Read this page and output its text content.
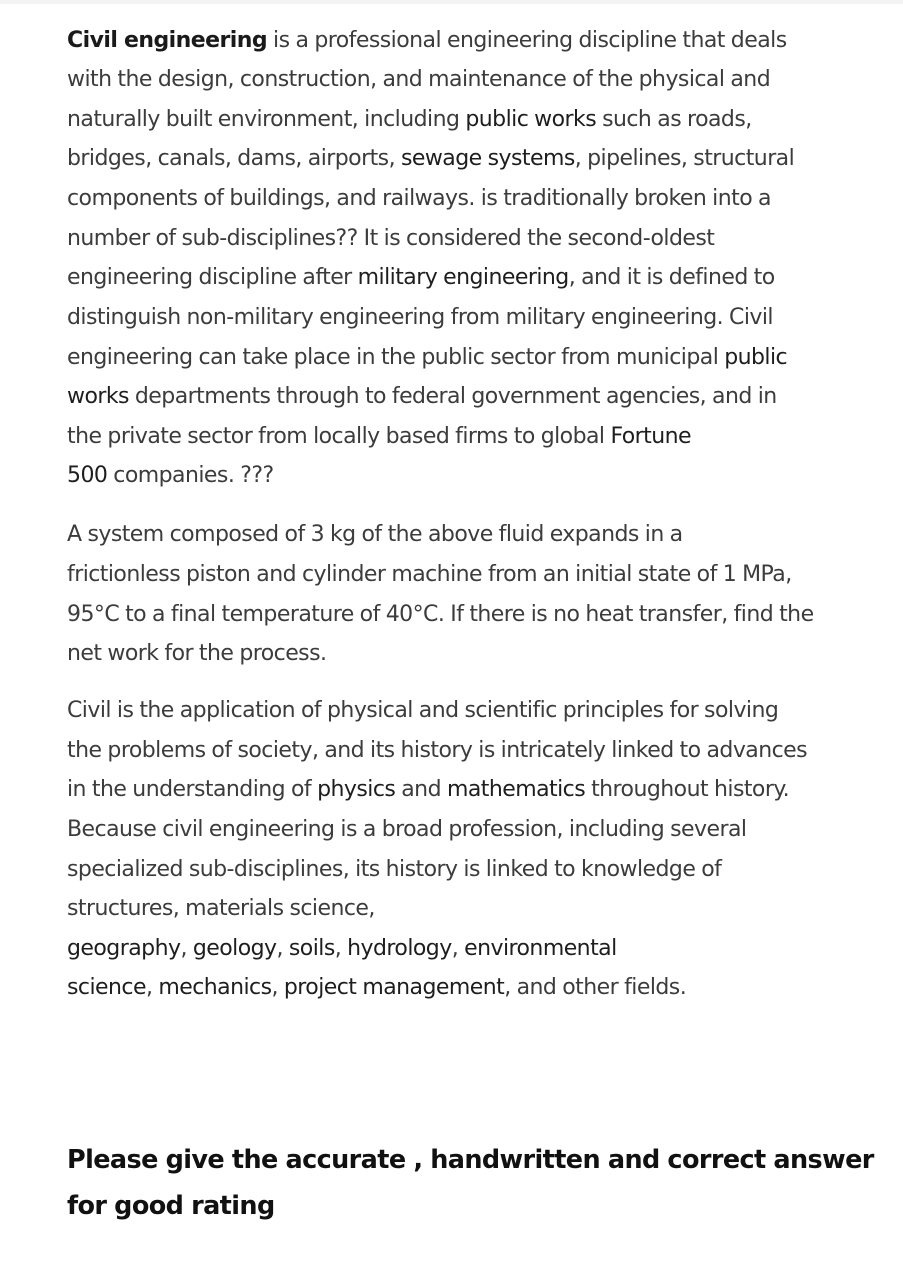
Civil engineering is a professional engineering discipline that deals
with the design, construction, and maintenance of the physical and
naturally built environment, including public works such as roads,
bridges, canals, dams, airports, sewage systems, pipelines, structural
components of buildings, and railways. is traditionally broken into a
number of sub-disciplines?? It is considered the second-oldest
engineering discipline after military engineering, and it is defined to
distinguish non-military engineering from military engineering. Civil
engineering can take place in the public sector from municipal public
works departments through to federal government agencies, and in
the private sector from locally based firms to global Fortune
500 companies. ???
A system composed of 3 kg of the above fluid expands in a
frictionless piston and cylinder machine from an initial state of 1 MPa,
95°C to a final temperature of 40°C. If there is no heat transfer, find the
net work for the process.
Civil is the application of physical and scientific principles for solving
the problems of society, and its history is intricately linked to advances
in the understanding of physics and mathematics throughout history.
Because civil engineering is a broad profession, including several
specialized sub-disciplines, its history is linked to knowledge of
structures, materials science,
geography, geology, soils, hydrology, environmental
science, mechanics, project management, and other fields.
Please give the accurate , handwritten and correct answer
for good rating
